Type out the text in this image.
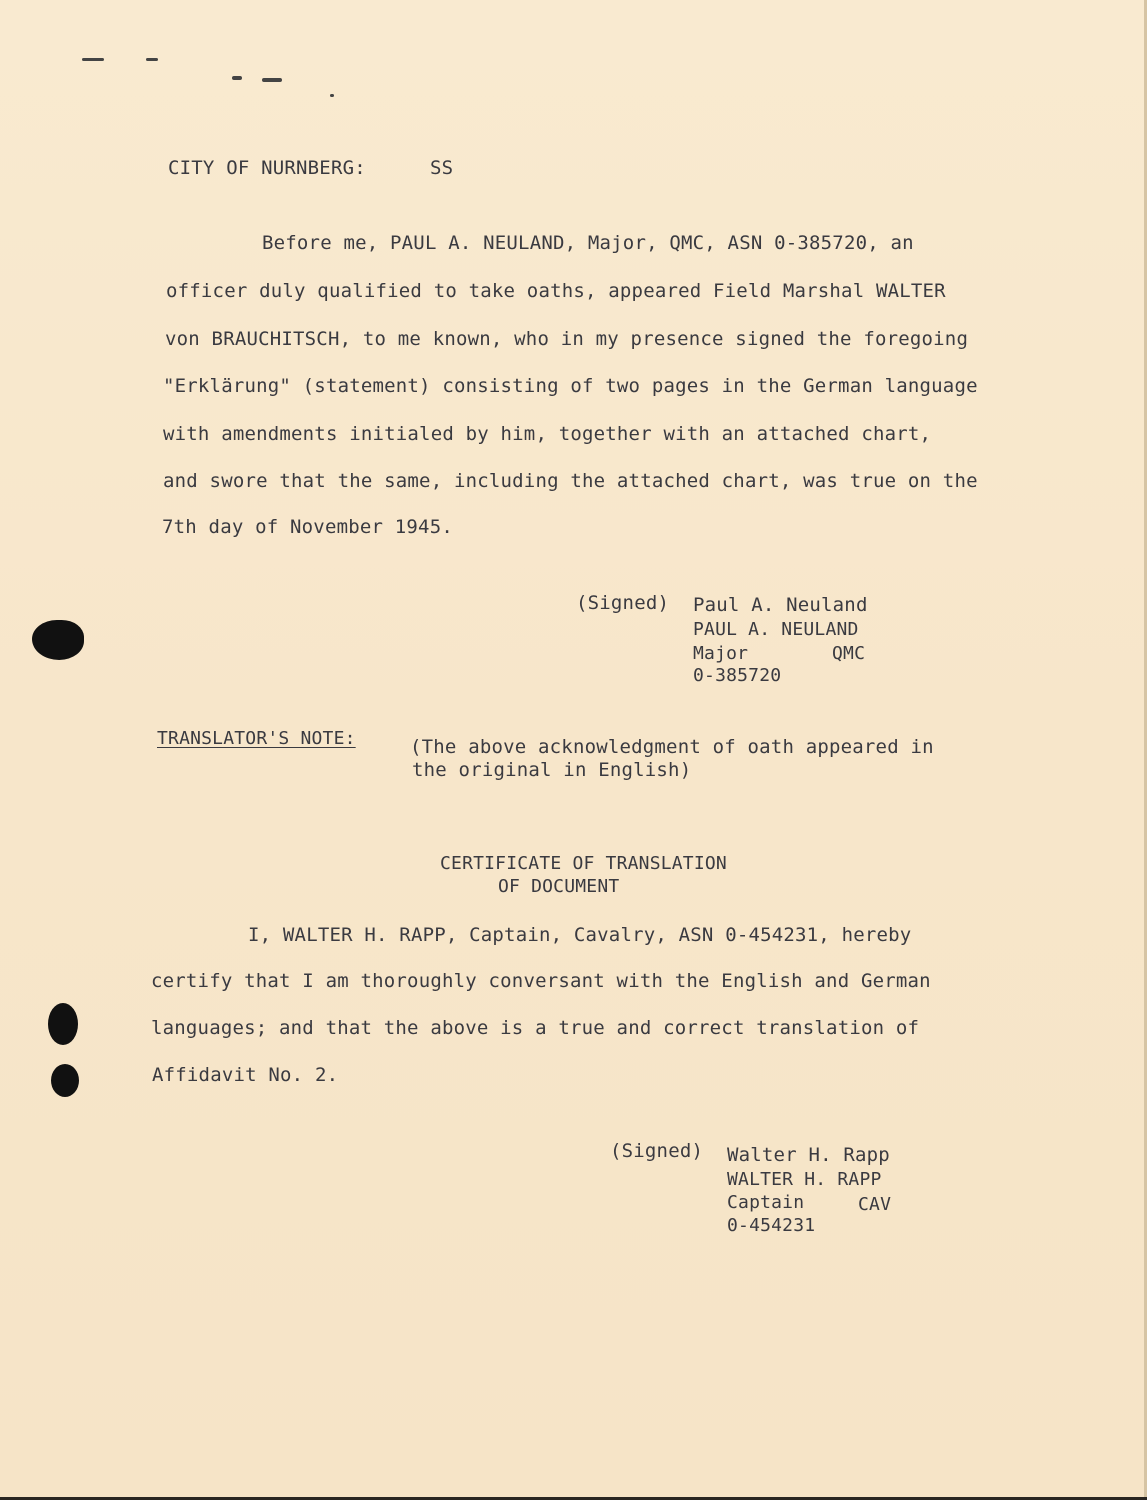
CITY OF NURNBERG:	SS
Before me, PAUL A. NEULAND, Major, QMC, ASN 0-385720, an
officer duly qualified to take oaths, appeared Field Marshal WALTER
von BRAUCHITSCH, to me known, who in my presence signed the foregoing
"Erklärung" (statement) consisting of two pages in the German language
with amendments initialed by him, together with an attached chart,
and swore that the same, including the attached chart, was true on the
7th day of November 1945.
(Signed) Paul A. Neuland
PAUL A. NEULAND
Major	QMC
0-385720
TRANSLATOR'S NOTE:	(The above acknowledgment of oath appeared in
the original in English)
CERTIFICATE OF TRANSLATION
OF DOCUMENT
I, WALTER H. RAPP, Captain, Cavalry, ASN 0-454231, hereby
certify that I am thoroughly conversant with the English and German
languages; and that the above is a true and correct translation of
Affidavit No. 2.
(Signed) Walter H. Rapp
WALTER H. RAPP
Captain	CAV
0-454231
